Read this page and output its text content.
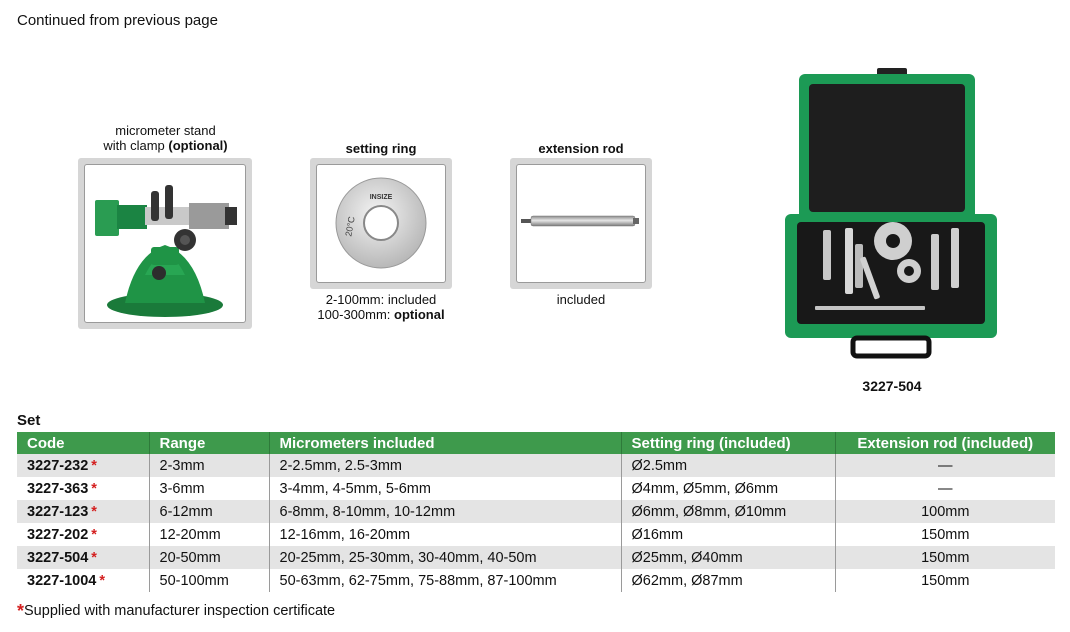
Continued from previous page
micrometer stand
with clamp (optional)	setting ring
INSIZE
20°C
2-100mm: included
100-300mm: optional
extension rod
included
3227-504
Set
Code	Range	Micrometers included	Setting ring (included)	Extension rod (included)
3227-232 *	2-3mm	2-2.5mm, 2.5-3mm	Ø2.5mm	—
3227-363 *	3-6mm	3-4mm, 4-5mm, 5-6mm	Ø4mm, Ø5mm, Ø6mm	—
3227-123 *	6-12mm	6-8mm, 8-10mm, 10-12mm	Ø6mm, Ø8mm, Ø10mm	100mm
3227-202 *	12-20mm	12-16mm, 16-20mm	Ø16mm	150mm
3227-504 *	20-50mm	20-25mm, 25-30mm, 30-40mm, 40-50m	Ø25mm, Ø40mm	150mm
3227-1004 *	50-100mm	50-63mm, 62-75mm, 75-88mm, 87-100mm	Ø62mm, Ø87mm	150mm
*Supplied with manufacturer inspection certificate
